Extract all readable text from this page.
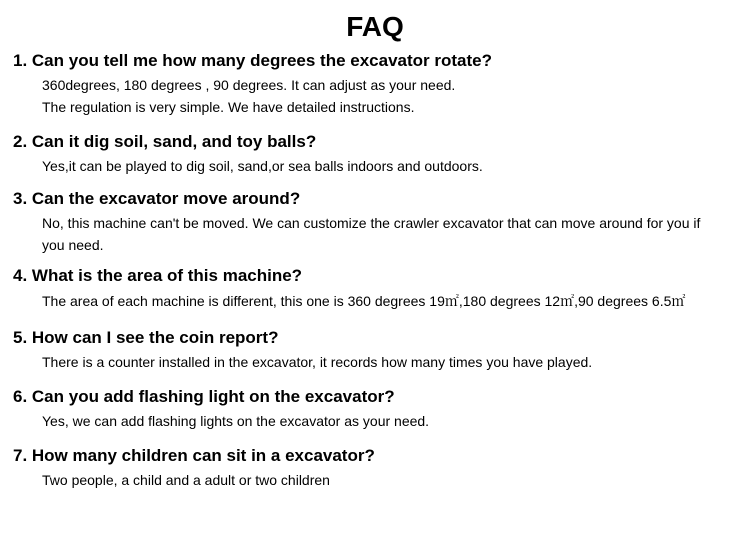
FAQ
1. Can you tell me how many degrees the excavator rotate?
360degrees, 180 degrees , 90 degrees. It can adjust as your need.
The regulation is very simple. We have detailed instructions.
2. Can it dig soil, sand, and toy balls?
Yes,it can be played to dig soil, sand,or sea balls indoors and outdoors.
3. Can the excavator move around?
No, this machine can't be moved. We can customize the crawler excavator that can move around for you if you need.
4. What is the area of this machine?
The area of each machine is different, this one is 360 degrees 19㎡,180 degrees 12㎡,90 degrees 6.5㎡
5. How can I see the coin report?
There is a counter installed in the excavator, it records how many times you have played.
6. Can you add flashing light on the excavator?
Yes, we can add flashing lights on the excavator as your need.
7. How many children can sit in a excavator?
Two people, a child and a adult or two children
